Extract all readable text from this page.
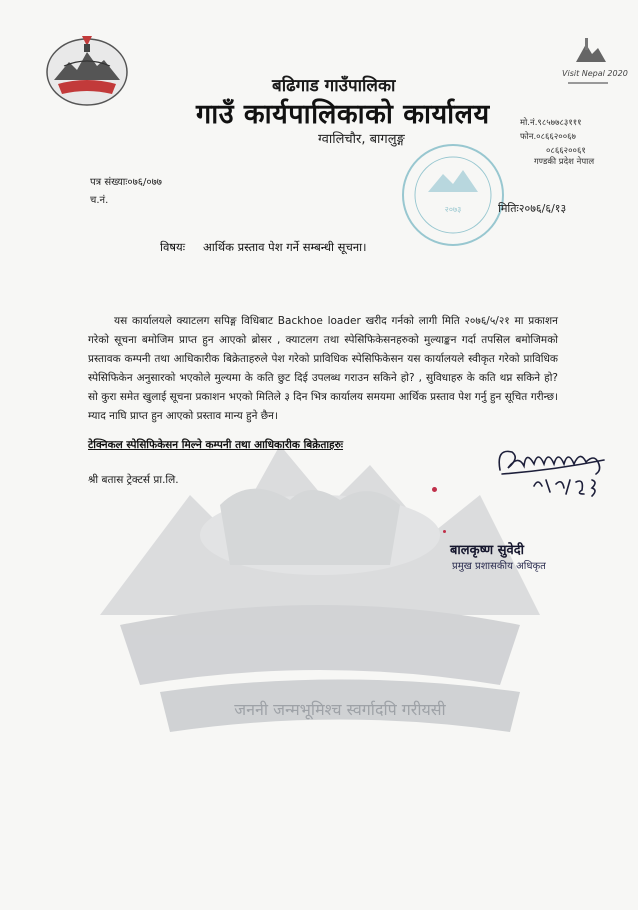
जननी जन्मभूमिश्च स्वर्गादपि गरीयसी
Visit Nepal 2020
बढिगाड गाउँपालिका
गाउँ कार्यपालिकाको कार्यालय
ग्वालिचौर, बागलुङ्ग
मो.नं.९८५७७८३१११
फोन.०८६६२००६७
०८६६२००६१
गण्डकी प्रदेश नेपाल
२०७३
पत्र संख्याः०७६/०७७
च.नं.
मितिः२०७६/६/१३
विषयः आर्थिक प्रस्ताव पेश गर्ने सम्बन्धी सूचना।
यस कार्यालयले क्याटलग सपिङ्ग विधिबाट Backhoe loader खरीद गर्नको लागी मिति २०७६/५/२१ मा प्रकाशन गरेको सूचना बमोजिम प्राप्त हुन आएको ब्रोसर , क्याटलग तथा स्पेसिफिकेसनहरुको मुल्याङ्कन गर्दा तपसिल बमोजिमको प्रस्तावक कम्पनी तथा आधिकारीक बिक्रेताहरुले पेश गरेको प्राविधिक स्पेसिफिकेसन यस कार्यालयले स्वीकृत गरेको प्राविधिक स्पेसिफिकेन अनुसारको भएकोले मुल्यमा के कति छुट दिई उपलब्ध गराउन सकिने हो? , सुविधाहरु के कति थप्न सकिने हो? सो कुरा समेत खुलाई सूचना प्रकाशन भएको मितिले ३ दिन भित्र कार्यालय समयमा आर्थिक प्रस्ताव पेश गर्नु हुन सूचित गरीन्छ। म्याद नाघि प्राप्त हुन आएको प्रस्ताव मान्य हुने छैन।
टेक्निकल स्पेसिफिकेसन मिल्ने कम्पनी तथा आधिकारीक बिक्रेताहरुः
श्री बतास ट्रेक्टर्स प्रा.लि.
बालकृष्ण सुवेदी
प्रमुख प्रशासकीय अधिकृत
